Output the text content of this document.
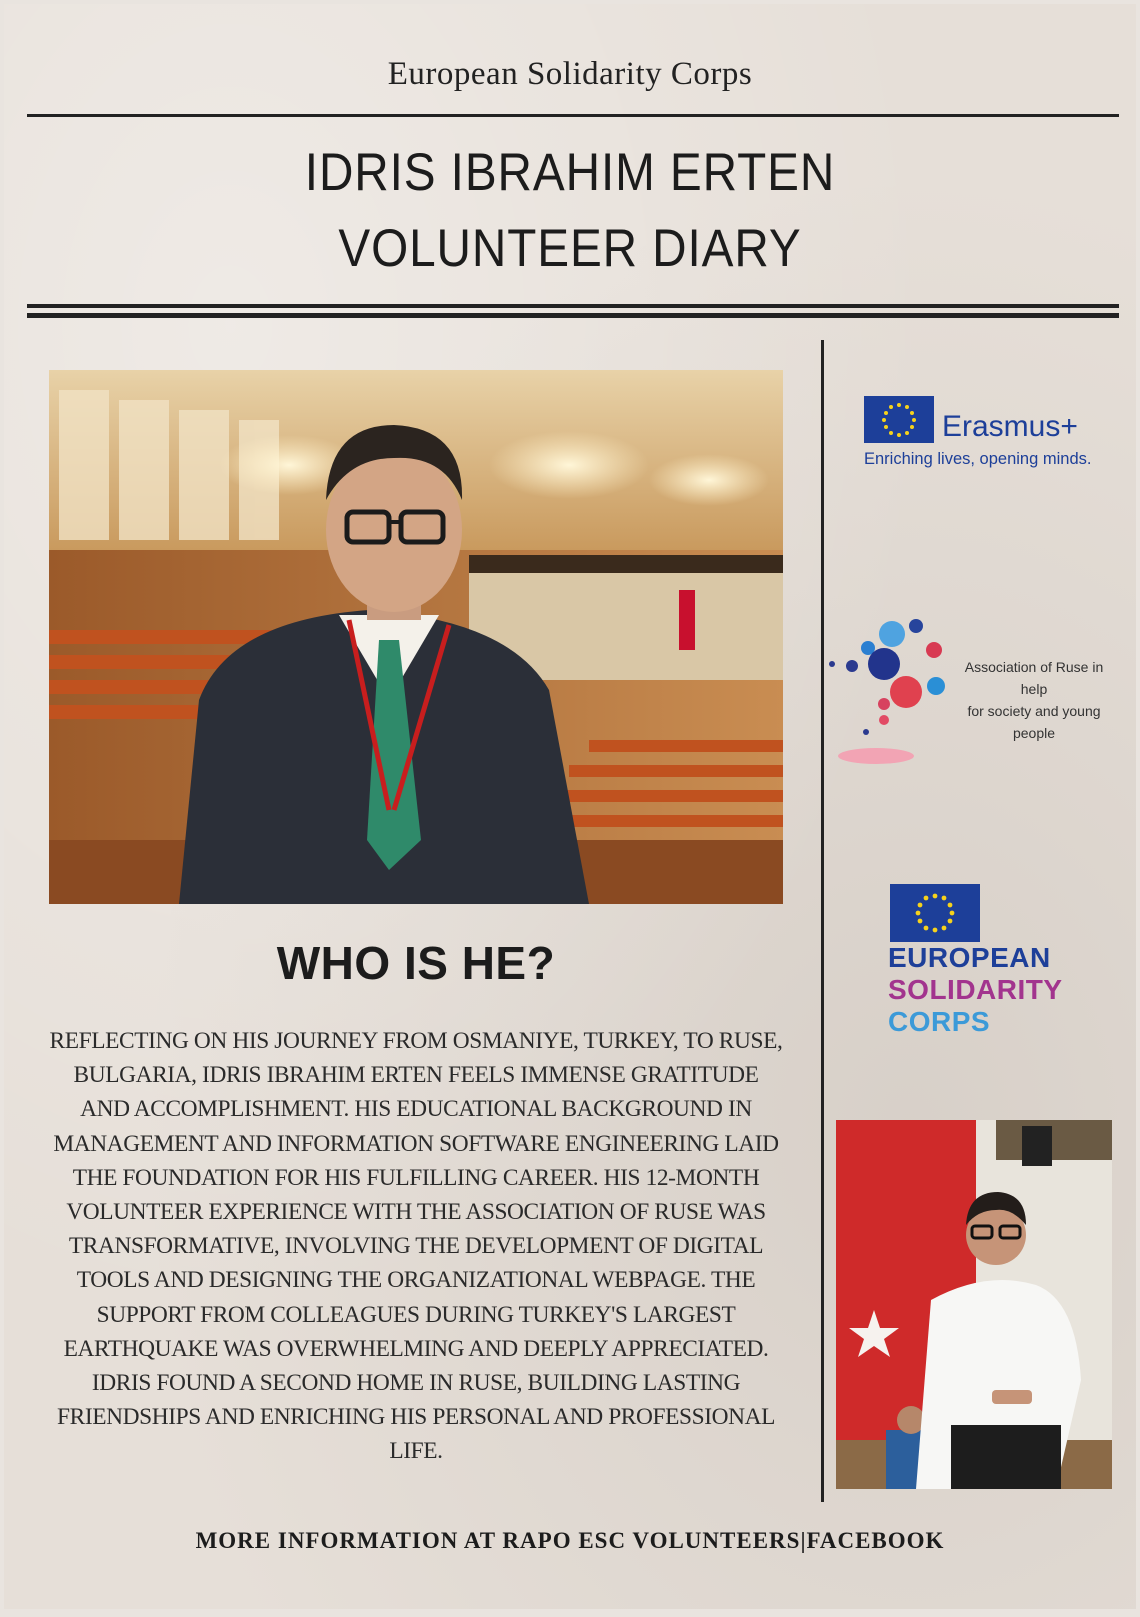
European Solidarity Corps
IDRIS IBRAHIM ERTEN
VOLUNTEER DIARY
WHO IS HE?
REFLECTING ON HIS JOURNEY FROM OSMANIYE, TURKEY, TO RUSE, BULGARIA, IDRIS IBRAHIM ERTEN FEELS IMMENSE GRATITUDE AND ACCOMPLISHMENT. HIS EDUCATIONAL BACKGROUND IN MANAGEMENT AND INFORMATION SOFTWARE ENGINEERING LAID THE FOUNDATION FOR HIS FULFILLING CAREER. HIS 12-MONTH VOLUNTEER EXPERIENCE WITH THE ASSOCIATION OF RUSE WAS TRANSFORMATIVE, INVOLVING THE DEVELOPMENT OF DIGITAL TOOLS AND DESIGNING THE ORGANIZATIONAL WEBPAGE. THE SUPPORT FROM COLLEAGUES DURING TURKEY'S LARGEST EARTHQUAKE WAS OVERWHELMING AND DEEPLY APPRECIATED. IDRIS FOUND A SECOND HOME IN RUSE, BUILDING LASTING FRIENDSHIPS AND ENRICHING HIS PERSONAL AND PROFESSIONAL LIFE.
Erasmus+
Enriching lives, opening minds.
Association of Ruse in help
for society and young
people
EUROPEAN
SOLIDARITY
CORPS
MORE INFORMATION AT RAPO ESC VOLUNTEERS|FACEBOOK
